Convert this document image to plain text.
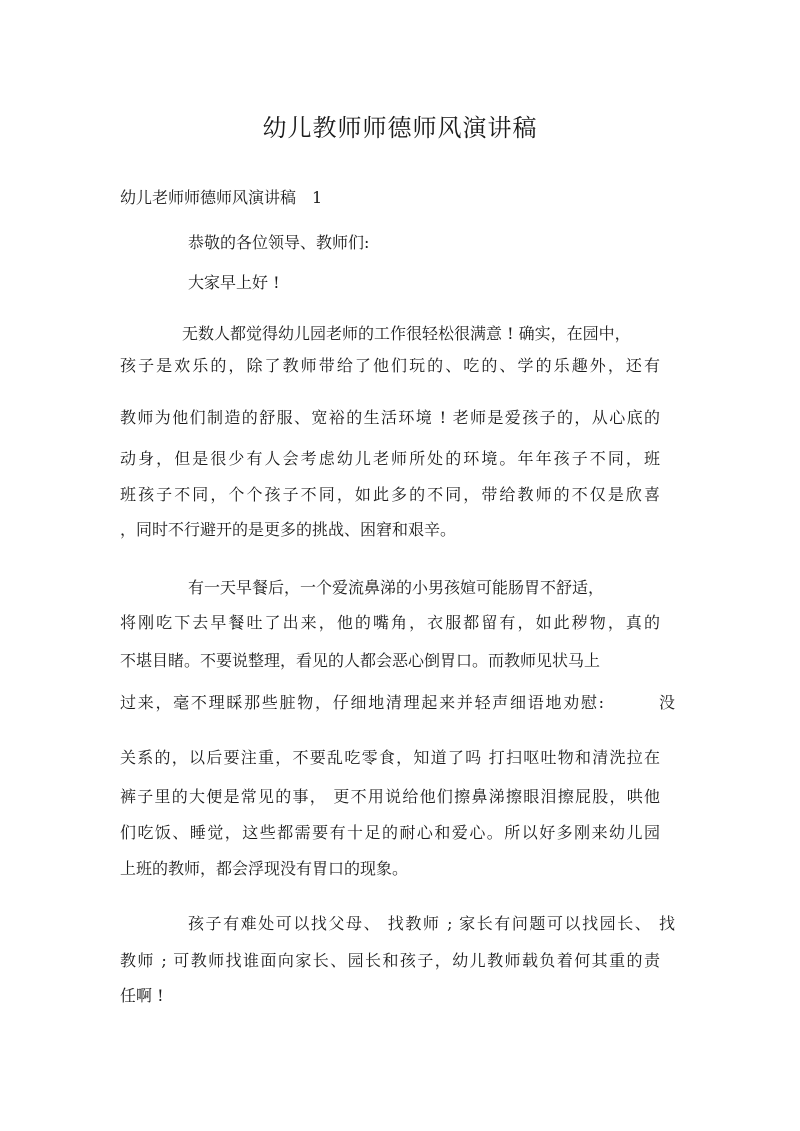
幼儿教师师德师风演讲稿
幼儿老师师德师风演讲稿　1
恭敬的各位领导、教师们:
大家早上好 !
无数人都觉得幼儿园老师的工作很轻松很满意 ! 确实，在园中，
孩子是欢乐的，除了教师带给了他们玩的、吃的、学的乐趣外，还有
教师为他们制造的舒服、宽裕的生活环境 ! 老师是爱孩子的，从心底的
动身，但是很少有人会考虑幼儿老师所处的环境。年年孩子不同，班
班孩子不同，个个孩子不同，如此多的不同，带给教师的不仅是欣喜
，同时不行避开的是更多的挑战、困窘和艰辛。
有一天早餐后，一个爱流鼻涕的小男孩媗可能肠胃不舒适，
将刚吃下去早餐吐了出来，他的嘴角，衣服都留有，如此秽物，真的
不堪目睹。不要说整理，看见的人都会恶心倒胃口。而教师见状马上
过来，毫不理睬那些脏物，仔细地清理起来并轻声细语地劝慰:　　　没
关系的，以后要注重，不要乱吃零食，知道了吗 打扫呕吐物和清洗拉在
裤子里的大便是常见的事， 更不用说给他们擦鼻涕擦眼泪擦屁股，哄他
们吃饭、睡觉，这些都需要有十足的耐心和爱心。所以好多刚来幼儿园
上班的教师，都会浮现没有胃口的现象。
孩子有难处可以找父母、 找教师 ; 家长有问题可以找园长、 找
教师 ; 可教师找谁面向家长、园长和孩子，幼儿教师载负着何其重的责
任啊 !
